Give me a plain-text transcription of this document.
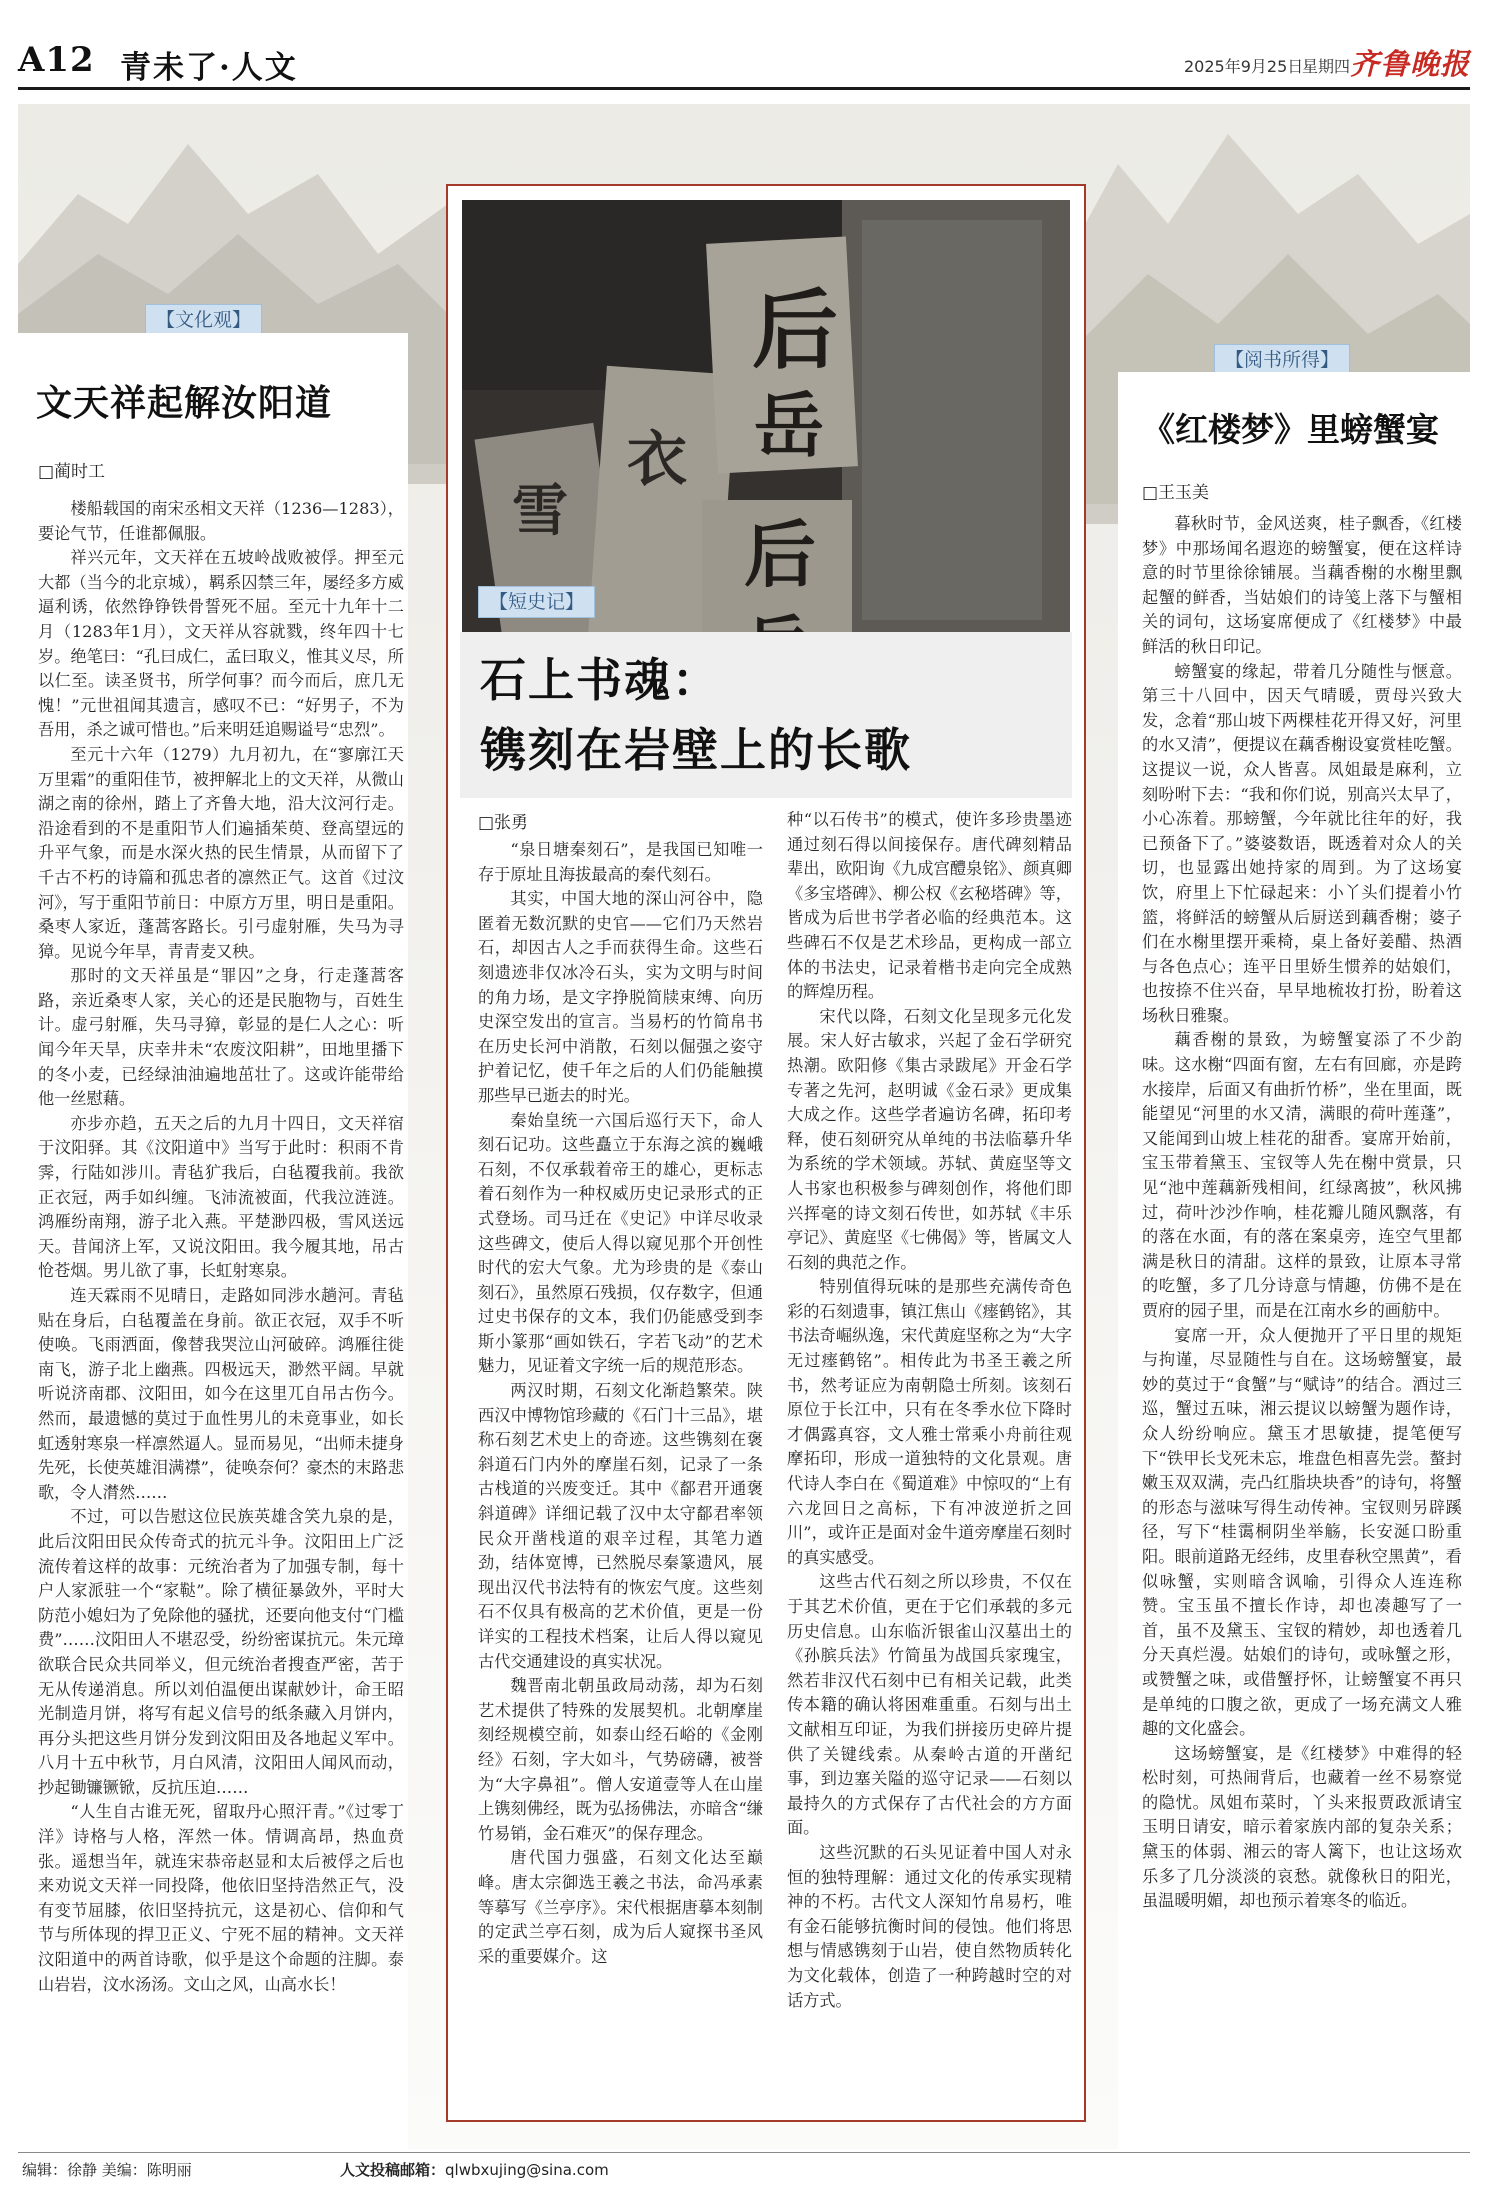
A12 青未了·人文	2025年9月25日
星期四 齐鲁晚报
【文化观】
文天祥起解汝阳道
□蔺时工

楼船载国的南宋丞相文天祥（1236—1283），要论气节，任谁都佩服。

祥兴元年，文天祥在五坡岭战败被俘。押至元大都（当今的北京城），羁系囚禁三年，屡经多方威逼利诱，依然铮铮铁骨誓死不屈。至元十九年十二月（1283年1月），文天祥从容就戮，终年四十七岁。绝笔曰：“孔曰成仁，孟曰取义，惟其义尽，所以仁至。读圣贤书，所学何事？而今而后，庶几无愧！”元世祖闻其遗言，感叹不已：“好男子，不为吾用，杀之诚可惜也。”后来明廷追赐谥号“忠烈”。

至元十六年（1279）九月初九，在“寥廓江天万里霜”的重阳佳节，被押解北上的文天祥，从微山湖之南的徐州，踏上了齐鲁大地，沿大汶河行走。沿途看到的不是重阳节人们遍插茱萸、登高望远的升平气象，而是水深火热的民生情景，从而留下了千古不朽的诗篇和孤忠者的凛然正气。这首《过汶河》，写于重阳节前日：中原方万里，明日是重阳。桑枣人家近，蓬蒿客路长。引弓虚射雁，失马为寻獐。见说今年旱，青青麦又秧。

那时的文天祥虽是“罪囚”之身，行走蓬蒿客路，亲近桑枣人家，关心的还是民胞物与，百姓生计。虚弓射雁，失马寻獐，彰显的是仁人之心：听闻今年天旱，庆幸井未“农废汶阳耕”，田地里播下的冬小麦，已经绿油油遍地茁壮了。这或许能带给他一丝慰藉。

亦步亦趋，五天之后的九月十四日，文天祥宿于汶阳驿。其《汶阳道中》当写于此时：积雨不肯霁，行陆如涉川。青毡犷我后，白毡覆我前。我欲正衣冠，两手如纠缠。飞沛流被面，代我泣涟涟。鸿雁纷南翔，游子北入燕。平楚渺四极，雪风送远天。昔闻济上军，又说汶阳田。我今履其地，吊古怆苍烟。男儿欲了事，长虹射寒泉。

连天霖雨不见晴日，走路如同涉水趟河。青毡贴在身后，白毡覆盖在身前。欲正衣冠，双手不听使唤。飞雨洒面，像替我哭泣山河破碎。鸿雁往徙南飞，游子北上幽燕。四极远天，渺然平阔。早就听说济南郡、汶阳田，如今在这里兀自吊古伤今。然而，最遗憾的莫过于血性男儿的未竟事业，如长虹透射寒泉一样凛然逼人。显而易见，“出师未捷身先死，长使英雄泪满襟”，徒唤奈何？豪杰的末路悲歌，令人潸然……

不过，可以告慰这位民族英雄含笑九泉的是，此后汶阳田民众传奇式的抗元斗争。汶阳田上广泛流传着这样的故事：元统治者为了加强专制，每十户人家派驻一个“家鞑”。除了横征暴敛外，平时大防范小媳妇为了免除他的骚扰，还要向他支付“门槛费”……汶阳田人不堪忍受，纷纷密谋抗元。朱元璋欲联合民众共同举义，但元统治者搜查严密，苦于无从传递消息。所以刘伯温便出谋献妙计，命王昭光制造月饼，将写有起义信号的纸条藏入月饼内，再分头把这些月饼分发到汶阳田及各地起义军中。八月十五中秋节，月白风清，汶阳田人闻风而动，抄起锄镰镢锨，反抗压迫……

“人生自古谁无死，留取丹心照汗青。”《过零丁洋》诗格与人格，浑然一体。情调高昂，热血贲张。遥想当年，就连宋恭帝赵显和太后被俘之后也来劝说文天祥一同投降，他依旧坚持浩然正气，没有变节屈膝，依旧坚持抗元，这是初心、信仰和气节与所体现的捍卫正义、宁死不屈的精神。文天祥汶阳道中的两首诗歌，似乎是这个命题的注脚。泰山岩岩，汶水汤汤。文山之风，山高水长！

后
岳
雪
衣
后
【短史记】
石上书魂：
镌刻在岩壁上的长歌
□张勇

“泉日塘秦刻石”，是我国已知唯一存于原址且海拔最高的秦代刻石。

其实，中国大地的深山河谷中，隐匿着无数沉默的史官——它们乃天然岩石，却因古人之手而获得生命。这些石刻遗迹非仅冰冷石头，实为文明与时间的角力场，是文字挣脱简牍束缚、向历史深空发出的宣言。当易朽的竹简帛书在历史长河中消散，石刻以倔强之姿守护着记忆，使千年之后的人们仍能触摸那些早已逝去的时光。

秦始皇统一六国后巡行天下，命人刻石记功。这些矗立于东海之滨的巍峨石刻，不仅承载着帝王的雄心，更标志着石刻作为一种权威历史记录形式的正式登场。司马迁在《史记》中详尽收录这些碑文，使后人得以窥见那个开创性时代的宏大气象。尤为珍贵的是《泰山刻石》，虽然原石残损，仅存数字，但通过史书保存的文本，我们仍能感受到李斯小篆那“画如铁石，字若飞动”的艺术魅力，见证着文字统一后的规范形态。

两汉时期，石刻文化渐趋繁荣。陕西汉中博物馆珍藏的《石门十三品》，堪称石刻艺术史上的奇迹。这些镌刻在褒斜道石门内外的摩崖石刻，记录了一条古栈道的兴废变迁。其中《鄐君开通褒斜道碑》详细记载了汉中太守鄐君率领民众开凿栈道的艰辛过程，其笔力遒劲，结体宽博，已然脱尽秦篆遗风，展现出汉代书法特有的恢宏气度。这些刻石不仅具有极高的艺术价值，更是一份详实的工程技术档案，让后人得以窥见古代交通建设的真实状况。

魏晋南北朝虽政局动荡，却为石刻艺术提供了特殊的发展契机。北朝摩崖刻经规模空前，如泰山经石峪的《金刚经》石刻，字大如斗，气势磅礴，被誉为“大字鼻祖”。僧人安道壹等人在山崖上镌刻佛经，既为弘扬佛法，亦暗含“缣竹易销，金石难灭”的保存理念。

唐代国力强盛，石刻文化达至巅峰。唐太宗御选王羲之书法，命冯承素等摹写《兰亭序》。宋代根据唐摹本刻制的定武兰亭石刻，成为后人窥探书圣风采的重要媒介。这

种“以石传书”的模式，使许多珍贵墨迹通过刻石得以间接保存。唐代碑刻精品辈出，欧阳询《九成宫醴泉铭》、颜真卿《多宝塔碑》、柳公权《玄秘塔碑》等，皆成为后世书学者必临的经典范本。这些碑石不仅是艺术珍品，更构成一部立体的书法史，记录着楷书走向完全成熟的辉煌历程。

宋代以降，石刻文化呈现多元化发展。宋人好古敏求，兴起了金石学研究热潮。欧阳修《集古录跋尾》开金石学专著之先河，赵明诚《金石录》更成集大成之作。这些学者遍访名碑，拓印考释，使石刻研究从单纯的书法临摹升华为系统的学术领域。苏轼、黄庭坚等文人书家也积极参与碑刻创作，将他们即兴挥毫的诗文刻石传世，如苏轼《丰乐亭记》、黄庭坚《七佛偈》等，皆属文人石刻的典范之作。

特别值得玩味的是那些充满传奇色彩的石刻遗事，镇江焦山《瘗鹤铭》，其书法奇崛纵逸，宋代黄庭坚称之为“大字无过瘗鹤铭”。相传此为书圣王羲之所书，然考证应为南朝隐士所刻。该刻石原位于长江中，只有在冬季水位下降时才偶露真容，文人雅士常乘小舟前往观摩拓印，形成一道独特的文化景观。唐代诗人李白在《蜀道难》中惊叹的“上有六龙回日之高标，下有冲波逆折之回川”，或许正是面对金牛道旁摩崖石刻时的真实感受。

这些古代石刻之所以珍贵，不仅在于其艺术价值，更在于它们承载的多元历史信息。山东临沂银雀山汉墓出土的《孙膑兵法》竹简虽为战国兵家瑰宝，然若非汉代石刻中已有相关记载，此类传本籍的确认将困难重重。石刻与出土文献相互印证，为我们拼接历史碎片提供了关键线索。从秦岭古道的开凿纪事，到边塞关隘的巡守记录——石刻以最持久的方式保存了古代社会的方方面面。

这些沉默的石头见证着中国人对永恒的独特理解：通过文化的传承实现精神的不朽。古代文人深知竹帛易朽，唯有金石能够抗衡时间的侵蚀。他们将思想与情感镌刻于山岩，使自然物质转化为文化载体，创造了一种跨越时空的对话方式。

【阅书所得】
《红楼梦》里螃蟹宴
□王玉美

暮秋时节，金风送爽，桂子飘香，《红楼梦》中那场闻名遐迩的螃蟹宴，便在这样诗意的时节里徐徐铺展。当藕香榭的水榭里飘起蟹的鲜香，当姑娘们的诗笺上落下与蟹相关的词句，这场宴席便成了《红楼梦》中最鲜活的秋日印记。

螃蟹宴的缘起，带着几分随性与惬意。第三十八回中，因天气晴暖，贾母兴致大发，念着“那山坡下两棵桂花开得又好，河里的水又清”，便提议在藕香榭设宴赏桂吃蟹。这提议一说，众人皆喜。凤姐最是麻利，立刻吩咐下去：“我和你们说，别高兴太早了，小心冻着。那螃蟹，今年就比往年的好，我已预备下了。”婆婆数语，既透着对众人的关切，也显露出她持家的周到。为了这场宴饮，府里上下忙碌起来：小丫头们提着小竹篮，将鲜活的螃蟹从后厨送到藕香榭；婆子们在水榭里摆开乘椅，桌上备好姜醋、热酒与各色点心；连平日里娇生惯养的姑娘们，也按捺不住兴奋，早早地梳妆打扮，盼着这场秋日雅聚。

藕香榭的景致，为螃蟹宴添了不少韵味。这水榭“四面有窗，左右有回廊，亦是跨水接岸，后面又有曲折竹桥”，坐在里面，既能望见“河里的水又清，满眼的荷叶莲蓬”，又能闻到山坡上桂花的甜香。宴席开始前，宝玉带着黛玉、宝钗等人先在榭中赏景，只见“池中莲藕新残相间，红绿离披”，秋风拂过，荷叶沙沙作响，桂花瓣儿随风飘落，有的落在水面，有的落在案桌旁，连空气里都满是秋日的清甜。这样的景致，让原本寻常的吃蟹，多了几分诗意与情趣，仿佛不是在贾府的园子里，而是在江南水乡的画舫中。

宴席一开，众人便抛开了平日里的规矩与拘谨，尽显随性与自在。这场螃蟹宴，最妙的莫过于“食蟹”与“赋诗”的结合。酒过三巡，蟹过五味，湘云提议以螃蟹为题作诗，众人纷纷响应。黛玉才思敏捷，提笔便写下“铁甲长戈死未忘，堆盘色相喜先尝。螯封嫩玉双双满，壳凸红脂块块香”的诗句，将蟹的形态与滋味写得生动传神。宝钗则另辟蹊径，写下“桂霭桐阴坐举觞，长安涎口盼重阳。眼前道路无经纬，皮里春秋空黑黄”，看似咏蟹，实则暗含讽喻，引得众人连连称赞。宝玉虽不擅长作诗，却也凑趣写了一首，虽不及黛玉、宝钗的精妙，却也透着几分天真烂漫。姑娘们的诗句，或咏蟹之形，或赞蟹之味，或借蟹抒怀，让螃蟹宴不再只是单纯的口腹之欲，更成了一场充满文人雅趣的文化盛会。

这场螃蟹宴，是《红楼梦》中难得的轻松时刻，可热闹背后，也藏着一丝不易察觉的隐忧。凤姐布菜时，丫头来报贾政派请宝玉明日请安，暗示着家族内部的复杂关系；黛玉的体弱、湘云的寄人篱下，也让这场欢乐多了几分淡淡的哀愁。就像秋日的阳光，虽温暖明媚，却也预示着寒冬的临近。

编辑：徐静 美编：陈明丽	人文投稿邮箱：qlwbxujing@sina.com
